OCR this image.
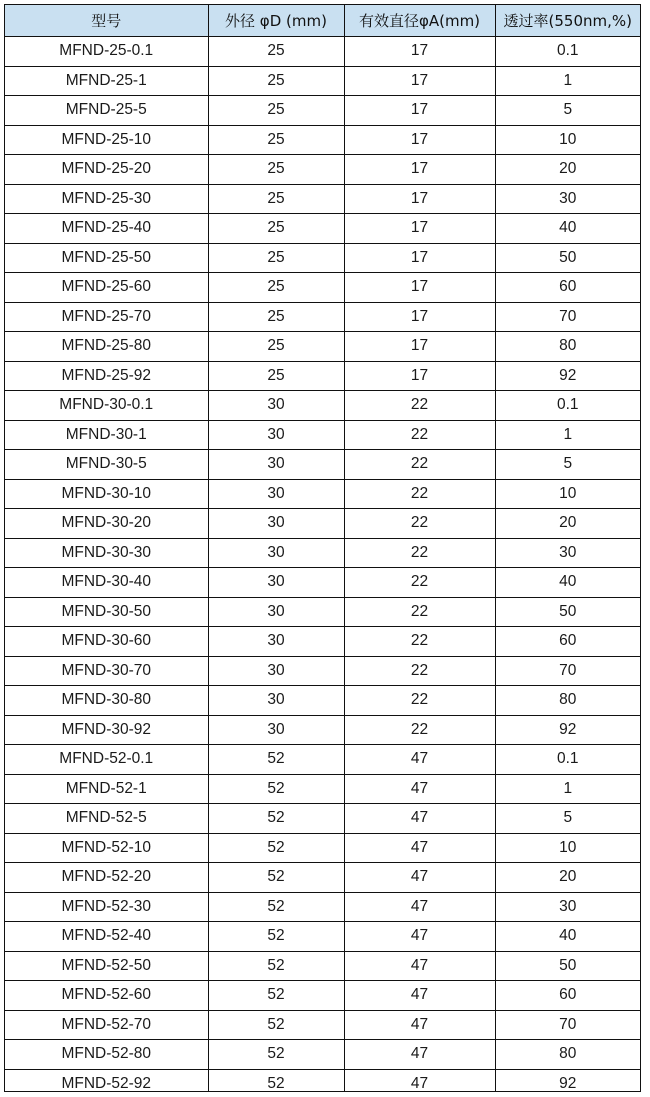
型号	外径 φD (mm)	有效直径φA(mm)	透过率(550nm,%)
MFND-25-0.1	25	17	0.1
MFND-25-1	25	17	1
MFND-25-5	25	17	5
MFND-25-10	25	17	10
MFND-25-20	25	17	20
MFND-25-30	25	17	30
MFND-25-40	25	17	40
MFND-25-50	25	17	50
MFND-25-60	25	17	60
MFND-25-70	25	17	70
MFND-25-80	25	17	80
MFND-25-92	25	17	92
MFND-30-0.1	30	22	0.1
MFND-30-1	30	22	1
MFND-30-5	30	22	5
MFND-30-10	30	22	10
MFND-30-20	30	22	20
MFND-30-30	30	22	30
MFND-30-40	30	22	40
MFND-30-50	30	22	50
MFND-30-60	30	22	60
MFND-30-70	30	22	70
MFND-30-80	30	22	80
MFND-30-92	30	22	92
MFND-52-0.1	52	47	0.1
MFND-52-1	52	47	1
MFND-52-5	52	47	5
MFND-52-10	52	47	10
MFND-52-20	52	47	20
MFND-52-30	52	47	30
MFND-52-40	52	47	40
MFND-52-50	52	47	50
MFND-52-60	52	47	60
MFND-52-70	52	47	70
MFND-52-80	52	47	80
MFND-52-92	52	47	92
